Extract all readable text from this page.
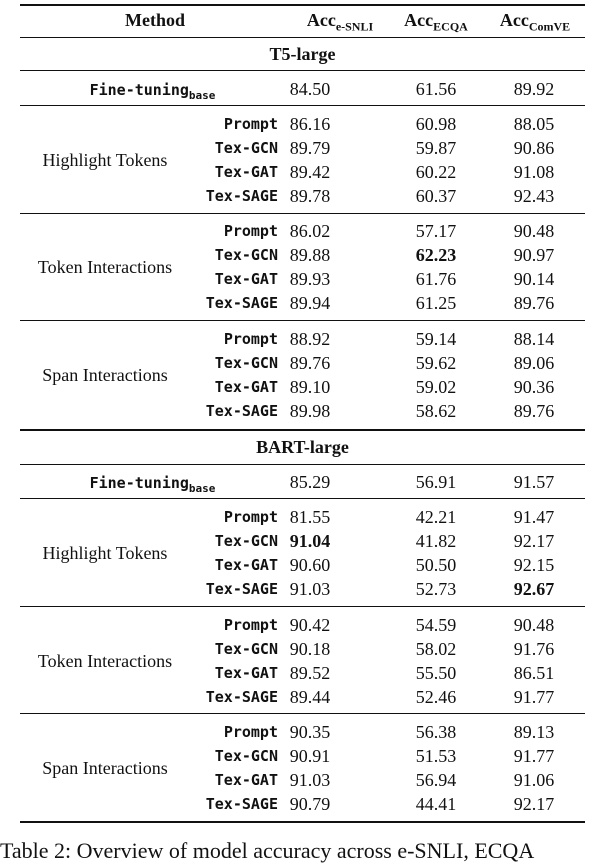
Method	Acc$_{e-SNLI}$	Acc$_{ECQA}$	Acc$_{ComVE}$
T5-large
Fine-tuning$_{base}$	84.50	61.56	89.92
Highlight Tokens
Prompt 86.16	60.98	88.05
Tex-GCN 89.79	59.87	90.86
Tex-GAT 89.42	60.22	91.08
Tex-SAGE 89.78	60.37	92.43
Token Interactions
Prompt 86.02	57.17	90.48
Tex-GCN 89.88	62.23	90.97
Tex-GAT 89.93	61.76	90.14
Tex-SAGE 89.94	61.25	89.76
Span Interactions
Prompt 88.92	59.14	88.14
Tex-GCN 89.76	59.62	89.06
Tex-GAT 89.10	59.02	90.36
Tex-SAGE 89.98	58.62	89.76
BART-large
Fine-tuning$_{base}$	85.29	56.91	91.57
Highlight Tokens
Prompt 81.55	42.21	91.47
Tex-GCN 91.04	41.82	92.17
Tex-GAT 90.60	50.50	92.15
Tex-SAGE 91.03	52.73	92.67
Token Interactions
Prompt 90.42	54.59	90.48
Tex-GCN 90.18	58.02	91.76
Tex-GAT 89.52	55.50	86.51
Tex-SAGE 89.44	52.46	91.77
Span Interactions
Prompt 90.35	56.38	89.13
Tex-GCN 90.91	51.53	91.77
Tex-GAT 91.03	56.94	91.06
Tex-SAGE 90.79	44.41	92.17
Table 2: Overview of model accuracy across e-SNLI, ECQA
